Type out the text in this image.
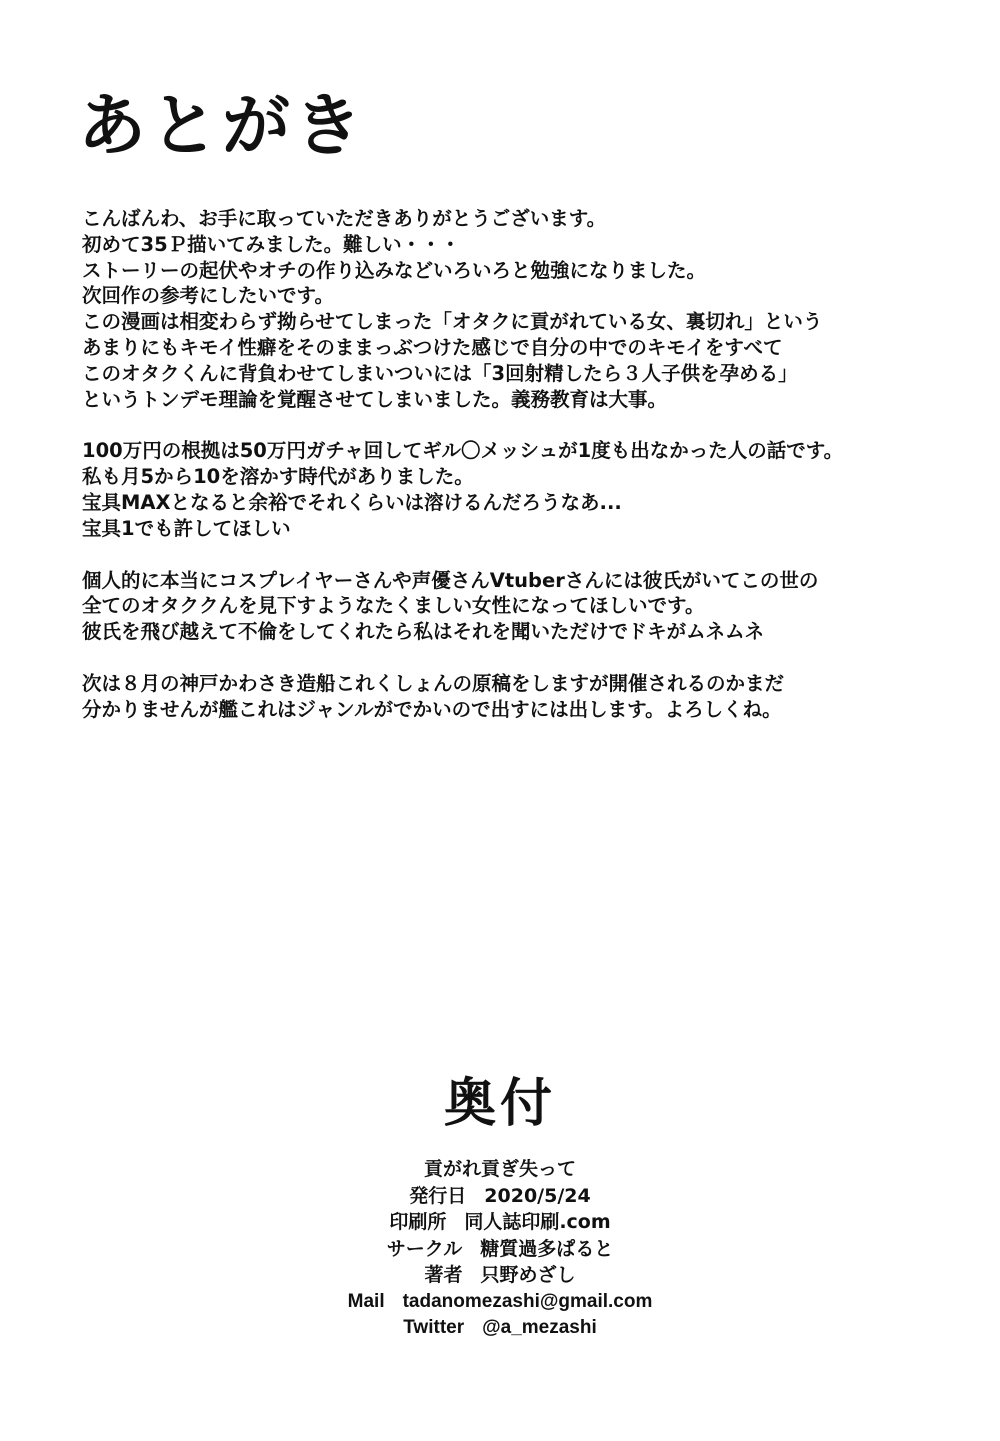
あとがき

こんばんわ、お手に取っていただきありがとうございます。
初めて35Ｐ描いてみました。難しい・・・
ストーリーの起伏やオチの作り込みなどいろいろと勉強になりました。
次回作の参考にしたいです。
この漫画は相変わらず拗らせてしまった「オタクに貢がれている女、裏切れ」という
あまりにもキモイ性癖をそのままっぶつけた感じで自分の中でのキモイをすべて
このオタクくんに背負わせてしまいついには「3回射精したら３人子供を孕める」
というトンデモ理論を覚醒させてしまいました。義務教育は大事。

100万円の根拠は50万円ガチャ回してギル〇メッシュが1度も出なかった人の話です。
私も月5から10を溶かす時代がありました。
宝具MAXとなると余裕でそれくらいは溶けるんだろうなあ...
宝具1でも許してほしい

個人的に本当にコスプレイヤーさんや声優さんVtuberさんには彼氏がいてこの世の
全てのオタククんを見下すようなたくましい女性になってほしいです。
彼氏を飛び越えて不倫をしてくれたら私はそれを聞いただけでドキがムネムネ

次は８月の神戸かわさき造船これくしょんの原稿をしますが開催されるのかまだ
分かりませんが艦これはジャンルがでかいので出すには出します。よろしくね。

奥付
貢がれ貢ぎ失って
発行日 2020/5/24
印刷所 同人誌印刷.com
サークル 糖質過多ぱると
著者 只野めざし
Mail tadanomezashi@gmail.com
Twitter @a_mezashi
